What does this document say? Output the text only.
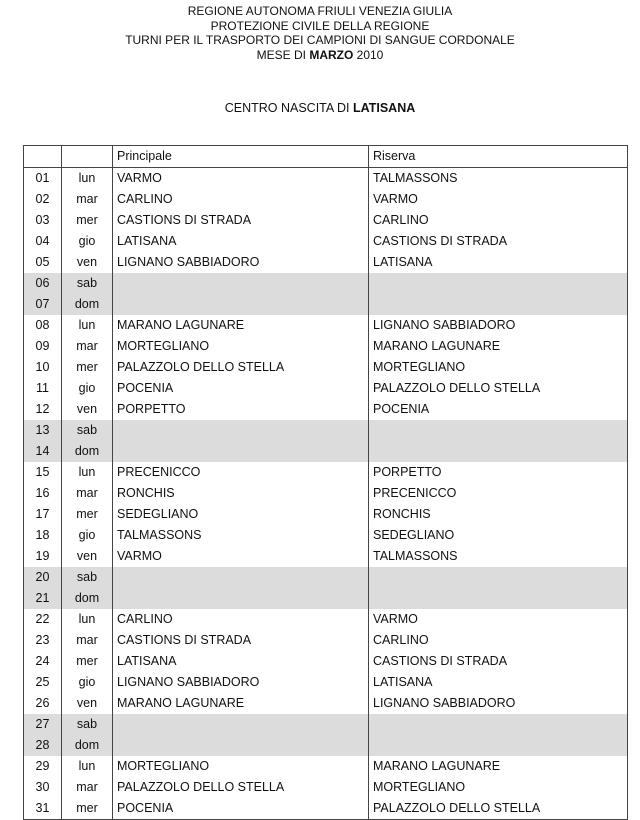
REGIONE AUTONOMA FRIULI VENEZIA GIULIA
PROTEZIONE CIVILE DELLA REGIONE
TURNI PER IL TRASPORTO DEI CAMPIONI DI SANGUE CORDONALE
MESE DI MARZO 2010
CENTRO NASCITA DI LATISANA
		Principale	Riserva
01	lun	VARMO	TALMASSONS
02	mar	CARLINO	VARMO
03	mer	CASTIONS DI STRADA	CARLINO
04	gio	LATISANA	CASTIONS DI STRADA
05	ven	LIGNANO SABBIADORO	LATISANA
06	sab		
07	dom		
08	lun	MARANO LAGUNARE	LIGNANO SABBIADORO
09	mar	MORTEGLIANO	MARANO LAGUNARE
10	mer	PALAZZOLO DELLO STELLA	MORTEGLIANO
11	gio	POCENIA	PALAZZOLO DELLO STELLA
12	ven	PORPETTO	POCENIA
13	sab		
14	dom		
15	lun	PRECENICCO	PORPETTO
16	mar	RONCHIS	PRECENICCO
17	mer	SEDEGLIANO	RONCHIS
18	gio	TALMASSONS	SEDEGLIANO
19	ven	VARMO	TALMASSONS
20	sab		
21	dom		
22	lun	CARLINO	VARMO
23	mar	CASTIONS DI STRADA	CARLINO
24	mer	LATISANA	CASTIONS DI STRADA
25	gio	LIGNANO SABBIADORO	LATISANA
26	ven	MARANO LAGUNARE	LIGNANO SABBIADORO
27	sab		
28	dom		
29	lun	MORTEGLIANO	MARANO LAGUNARE
30	mar	PALAZZOLO DELLO STELLA	MORTEGLIANO
31	mer	POCENIA	PALAZZOLO DELLO STELLA
